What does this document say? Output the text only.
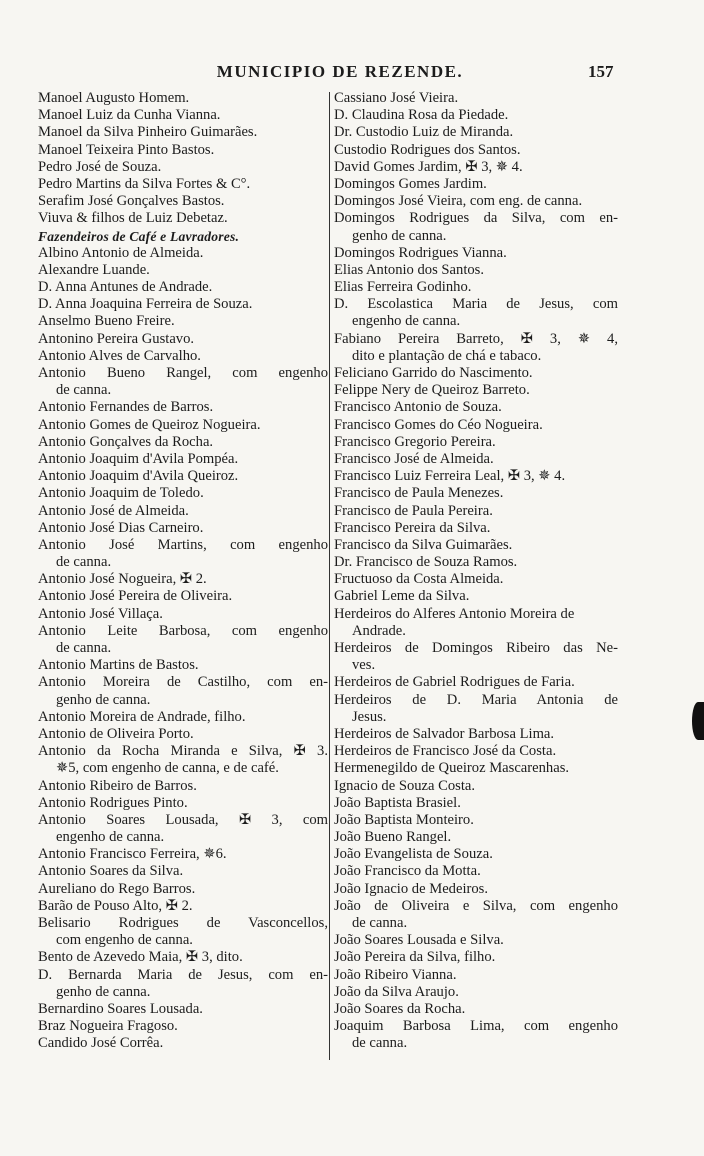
MUNICIPIO DE REZENDE.	157
Manoel Augusto Homem.
Manoel Luiz da Cunha Vianna.
Manoel da Silva Pinheiro Guimarães.
Manoel Teixeira Pinto Bastos.
Pedro José de Souza.
Pedro Martins da Silva Fortes & C°.
Serafim José Gonçalves Bastos.
Viuva & filhos de Luiz Debetaz.
Fazendeiros de Café e Lavradores.
Albino Antonio de Almeida.
Alexandre Luande.
D. Anna Antunes de Andrade.
D. Anna Joaquina Ferreira de Souza.
Anselmo Bueno Freire.
Antonino Pereira Gustavo.
Antonio Alves de Carvalho.
Antonio Bueno Rangel, com engenho
de canna.
Antonio Fernandes de Barros.
Antonio Gomes de Queiroz Nogueira.
Antonio Gonçalves da Rocha.
Antonio Joaquim d'Avila Pompéa.
Antonio Joaquim d'Avila Queiroz.
Antonio Joaquim de Toledo.
Antonio José de Almeida.
Antonio José Dias Carneiro.
Antonio José Martins, com engenho
de canna.
Antonio José Nogueira, ✠ 2.
Antonio José Pereira de Oliveira.
Antonio José Villaça.
Antonio Leite Barbosa, com engenho
de canna.
Antonio Martins de Bastos.
Antonio Moreira de Castilho, com en-
genho de canna.
Antonio Moreira de Andrade, filho.
Antonio de Oliveira Porto.
Antonio da Rocha Miranda e Silva, ✠ 3.
✵5, com engenho de canna, e de café.
Antonio Ribeiro de Barros.
Antonio Rodrigues Pinto.
Antonio Soares Lousada, ✠ 3, com
engenho de canna.
Antonio Francisco Ferreira, ✵6.
Antonio Soares da Silva.
Aureliano do Rego Barros.
Barão de Pouso Alto, ✠ 2.
Belisario Rodrigues de Vasconcellos,
com engenho de canna.
Bento de Azevedo Maia, ✠ 3, dito.
D. Bernarda Maria de Jesus, com en-
genho de canna.
Bernardino Soares Lousada.
Braz Nogueira Fragoso.
Candido José Corrêa.
Cassiano José Vieira.
D. Claudina Rosa da Piedade.
Dr. Custodio Luiz de Miranda.
Custodio Rodrigues dos Santos.
David Gomes Jardim, ✠ 3, ✵ 4.
Domingos Gomes Jardim.
Domingos José Vieira, com eng. de canna.
Domingos Rodrigues da Silva, com en-
genho de canna.
Domingos Rodrigues Vianna.
Elias Antonio dos Santos.
Elias Ferreira Godinho.
D. Escolastica Maria de Jesus, com
engenho de canna.
Fabiano Pereira Barreto, ✠ 3, ✵ 4,
dito e plantação de chá e tabaco.
Feliciano Garrido do Nascimento.
Felippe Nery de Queiroz Barreto.
Francisco Antonio de Souza.
Francisco Gomes do Céo Nogueira.
Francisco Gregorio Pereira.
Francisco José de Almeida.
Francisco Luiz Ferreira Leal, ✠ 3, ✵ 4.
Francisco de Paula Menezes.
Francisco de Paula Pereira.
Francisco Pereira da Silva.
Francisco da Silva Guimarães.
Dr. Francisco de Souza Ramos.
Fructuoso da Costa Almeida.
Gabriel Leme da Silva.
Herdeiros do Alferes Antonio Moreira de
Andrade.
Herdeiros de Domingos Ribeiro das Ne-
ves.
Herdeiros de Gabriel Rodrigues de Faria.
Herdeiros de D. Maria Antonia de
Jesus.
Herdeiros de Salvador Barbosa Lima.
Herdeiros de Francisco José da Costa.
Hermenegildo de Queiroz Mascarenhas.
Ignacio de Souza Costa.
João Baptista Brasiel.
João Baptista Monteiro.
João Bueno Rangel.
João Evangelista de Souza.
João Francisco da Motta.
João Ignacio de Medeiros.
João de Oliveira e Silva, com engenho
de canna.
João Soares Lousada e Silva.
João Pereira da Silva, filho.
João Ribeiro Vianna.
João da Silva Araujo.
João Soares da Rocha.
Joaquim Barbosa Lima, com engenho
de canna.
